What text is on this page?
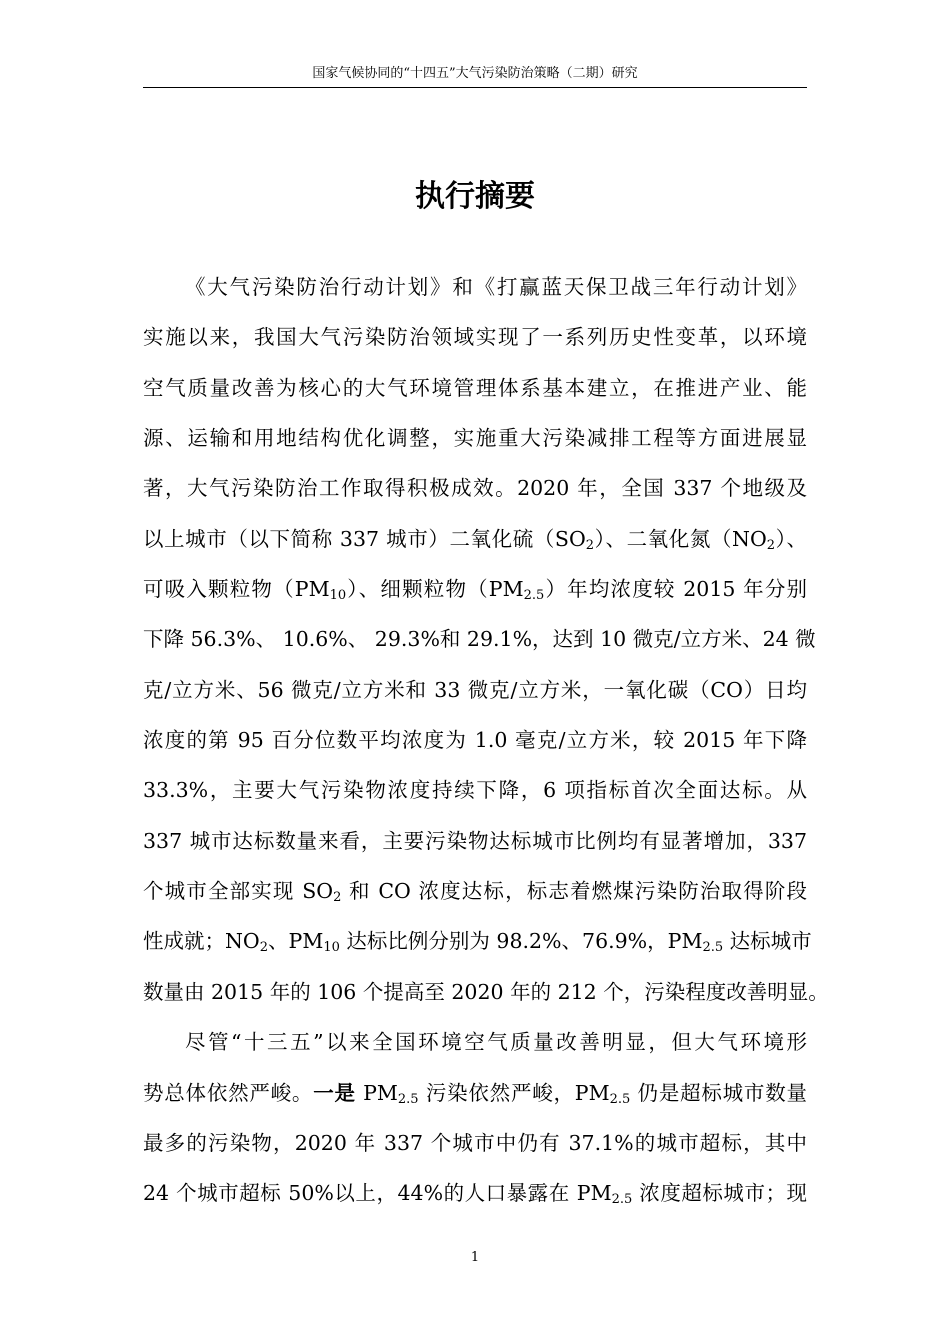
国家气候协同的“十四五”大气污染防治策略（二期）研究
执行摘要
《大气污染防治行动计划》和《打赢蓝天保卫战三年行动计划》
实施以来，我国大气污染防治领域实现了一系列历史性变革，以环境
空气质量改善为核心的大气环境管理体系基本建立，在推进产业、能
源、运输和用地结构优化调整，实施重大污染减排工程等方面进展显
著，大气污染防治工作取得积极成效。2020 年，全国 337 个地级及
以上城市（以下简称 337 城市）二氧化硫$(SO_2)$、二氧化氮$(NO_2)$、
可吸入颗粒物$(PM_{10})$、细颗粒物$(PM_{2.5})$年均浓度较 2015 年分别
下降 56.3%、 10.6%、 29.3%和 29.1%，达到 10 微克/立方米、24 微
克/立方米、56 微克/立方米和 33 微克/立方米，一氧化碳（CO）日均
浓度的第 95 百分位数平均浓度为 1.0 毫克/立方米，较 2015 年下降
33.3%，主要大气污染物浓度持续下降，6 项指标首次全面达标。从
337 城市达标数量来看，主要污染物达标城市比例均有显著增加，337
个城市全部实现 $SO_2$ 和 CO 浓度达标，标志着燃煤污染防治取得阶段
性成就；$NO_2$、$PM_{10}$ 达标比例分别为 98.2%、76.9%，$PM_{2.5}$ 达标城市
数量由 2015 年的 106 个提高至 2020 年的 212 个，污染程度改善明显。
尽管“十三五”以来全国环境空气质量改善明显，但大气环境形
势总体依然严峻。一是 $PM_{2.5}$ 污染依然严峻，$PM_{2.5}$ 仍是超标城市数量
最多的污染物，2020 年 337 个城市中仍有 37.1%的城市超标，其中
24 个城市超标 50%以上，44%的人口暴露在 $PM_{2.5}$ 浓度超标城市；现
1
